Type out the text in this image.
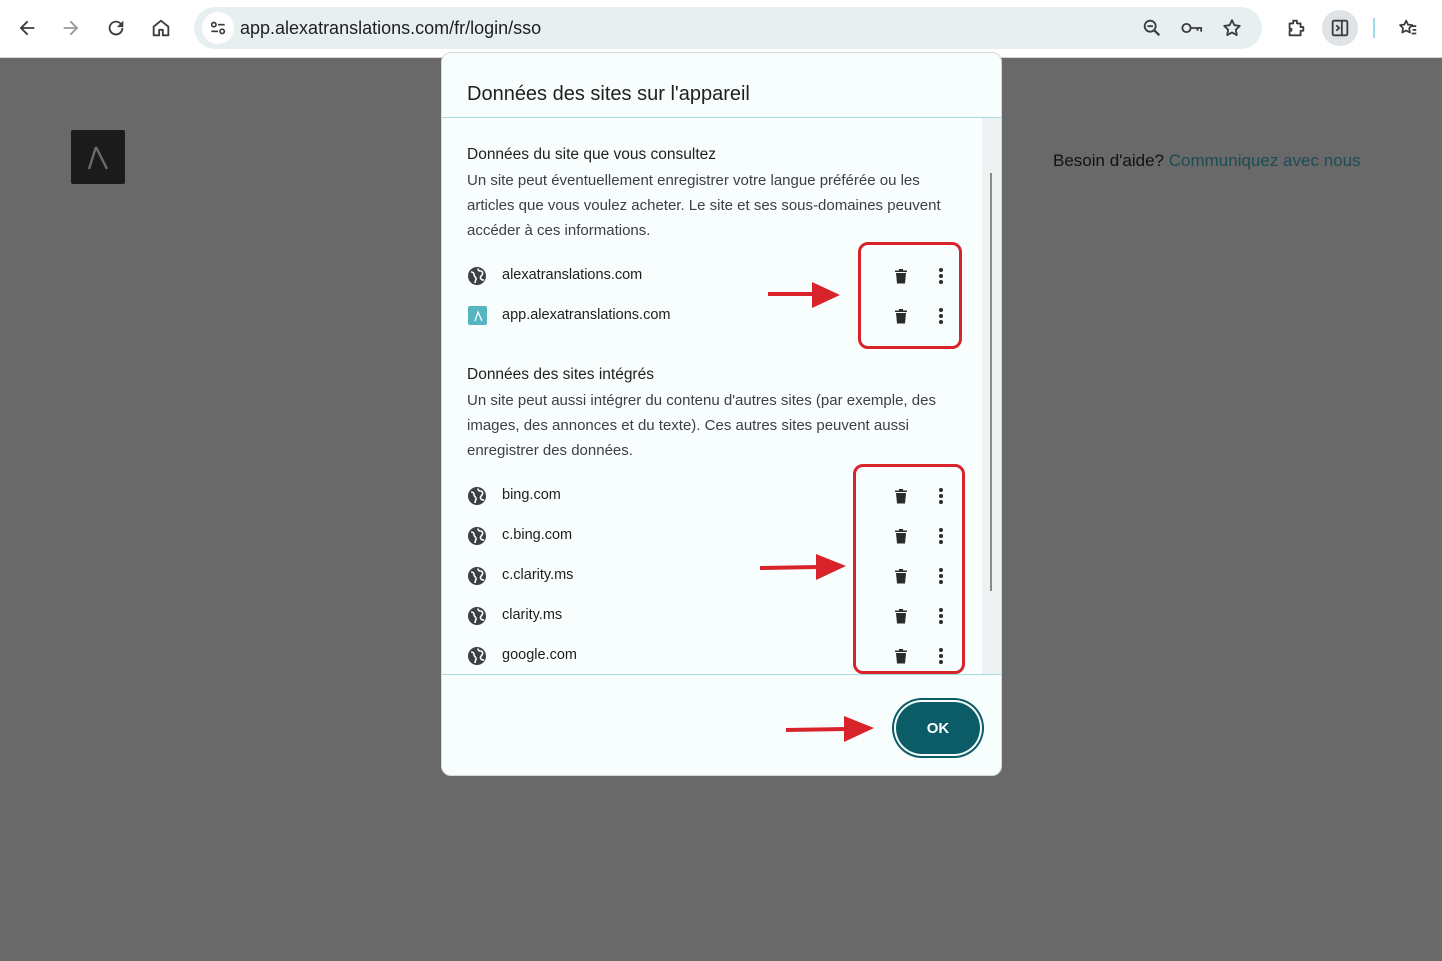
app.alexatranslations.com/fr/login/sso
Besoin d'aide? Communiquez avec nous
Données des sites sur l'appareil
Données du site que vous consultez
Un site peut éventuellement enregistrer votre langue préférée ou les articles que vous voulez acheter. Le site et ses sous-domaines peuvent accéder à ces informations.
alexatranslations.com
app.alexatranslations.com
Données des sites intégrés
Un site peut aussi intégrer du contenu d'autres sites (par exemple, des images, des annonces et du texte). Ces autres sites peuvent aussi enregistrer des données.
bing.com
c.bing.com
c.clarity.ms
clarity.ms
google.com
OK
